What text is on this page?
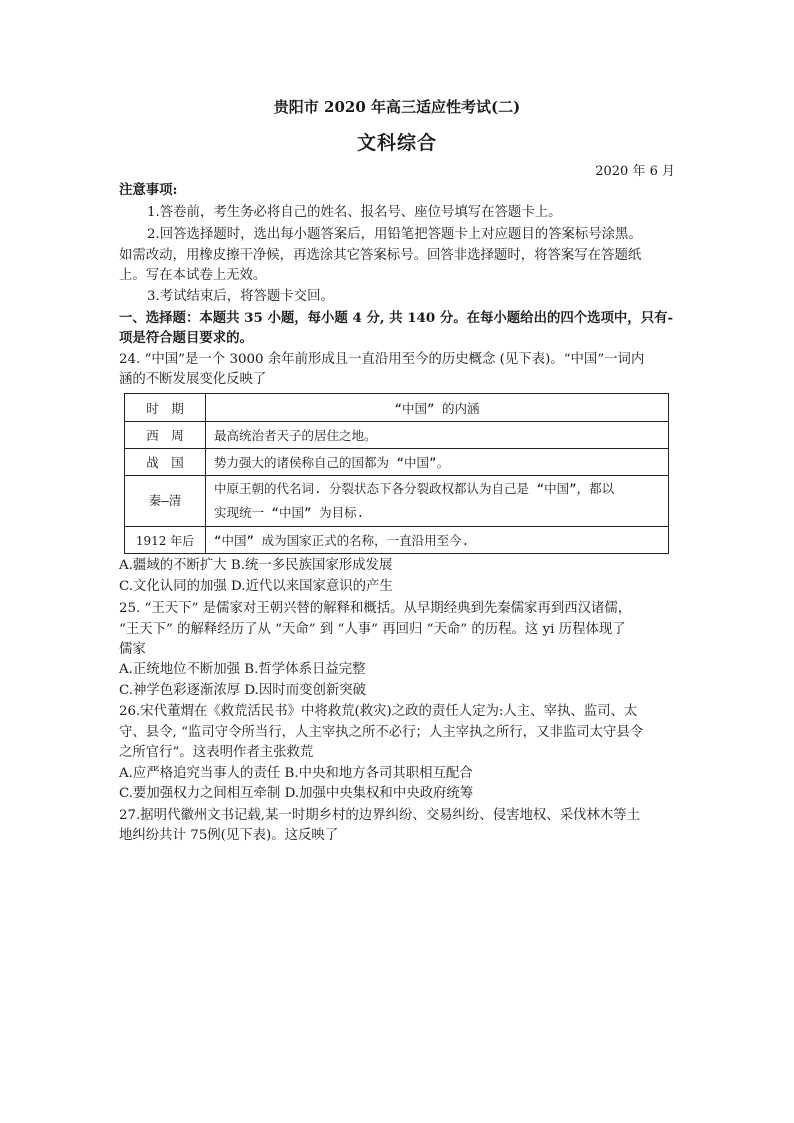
贵阳市 2020 年高三适应性考试(二)
文科综合
2020 年 6 月
注意事项:
1.答卷前，考生务必将自己的姓名、报名号、座位号填写在答题卡上。
2.回答选择题时，选出每小题答案后，用铅笔把答题卡上对应题目的答案标号涂黑。
如需改动，用橡皮擦干净候，再选涂其它答案标号。回答非选择题时，将答案写在答题纸
上。写在本试卷上无效。
3.考试结束后，将答题卡交回。
一、选择题：本题共 35 小题，每小题 4 分, 共 140 分。在每小题给出的四个选项中，只有-
项是符合题目要求的。
24. “中国”是一个 3000 余年前形成且一直沿用至今的历史概念 (见下表)。“中国”一词内
涵的不断发展变化反映了
时　期	“中国” 的内涵
西　周	最高统治者天子的居住之地。
战　国	势力强大的诸侯称自己的国都为 “中国”。
秦—清	中原王朝的代名词. 分裂状态下各分裂政权都认为自己是 “中国”，都以
实现统一 “中国” 为目标.

1912 年后	“中国” 成为国家正式的名称，一直沿用至今.
A.疆域的不断扩大 B.统一多民族国家形成发展
C.文化认同的加强 D.近代以来国家意识的产生
25. “王天下” 是儒家对王朝兴替的解释和概括。从早期经典到先秦儒家再到西汉诸儒，
“王天下” 的解释经历了从 “天命” 到 “人事” 再回归 “天命” 的历程。这 yi 历程体现了
儒家
A.正统地位不断加强 B.哲学体系日益完整
C.神学色彩逐渐浓厚 D.因时而变创新突破
26.宋代董煟在《救荒活民书》中将救荒(救灾)之政的责任人定为:人主、宰执、监司、太
守、县令, “监司守令所当行，人主宰执之所不必行；人主宰执之所行，又非监司太守县令
之所官行”。这表明作者主张救荒
A.应严格追究当事人的责任 B.中央和地方各司其职相互配合
C.要加强权力之间相互牵制 D.加强中央集权和中央政府统筹
27.据明代徽州文书记载,某一时期乡村的边界纠纷、交易纠纷、侵害地权、采伐林木等土
地纠纷共计 75例(见下表)。这反映了
